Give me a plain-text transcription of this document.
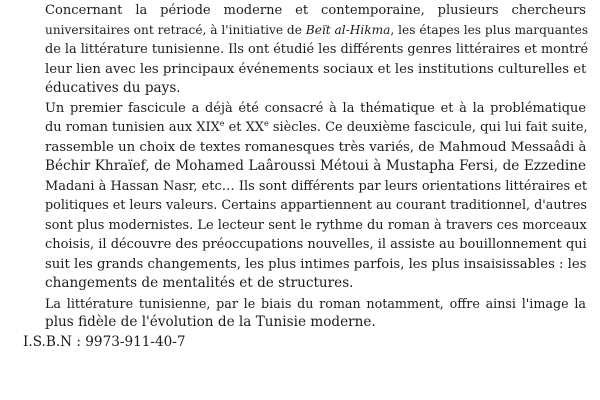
Concernant la période moderne et contemporaine, plusieurs chercheurs
universitaires ont retracé, à l'initiative de Beït al-Hikma, les étapes les plus marquantes
de la littérature tunisienne. Ils ont étudié les différents genres littéraires et montré
leur lien avec les principaux événements sociaux et les institutions culturelles et
éducatives du pays.

Un premier fascicule a déjà été consacré à la thématique et à la problématique
du roman tunisien aux XIXe et XXe siècles. Ce deuxième fascicule, qui lui fait suite,
rassemble un choix de textes romanesques très variés, de Mahmoud Messaâdi à
Béchir Khraïef, de Mohamed Laâroussi Métoui à Mustapha Fersi, de Ezzedine
Madani à Hassan Nasr, etc… Ils sont différents par leurs orientations littéraires et
politiques et leurs valeurs. Certains appartiennent au courant traditionnel, d'autres
sont plus modernistes. Le lecteur sent le rythme du roman à travers ces morceaux
choisis, il découvre des préoccupations nouvelles, il assiste au bouillonnement qui
suit les grands changements, les plus intimes parfois, les plus insaisissables : les
changements de mentalités et de structures.

La littérature tunisienne, par le biais du roman notamment, offre ainsi l'image la
plus fidèle de l'évolution de la Tunisie moderne.

I.S.B.N : 9973-911-40-7
